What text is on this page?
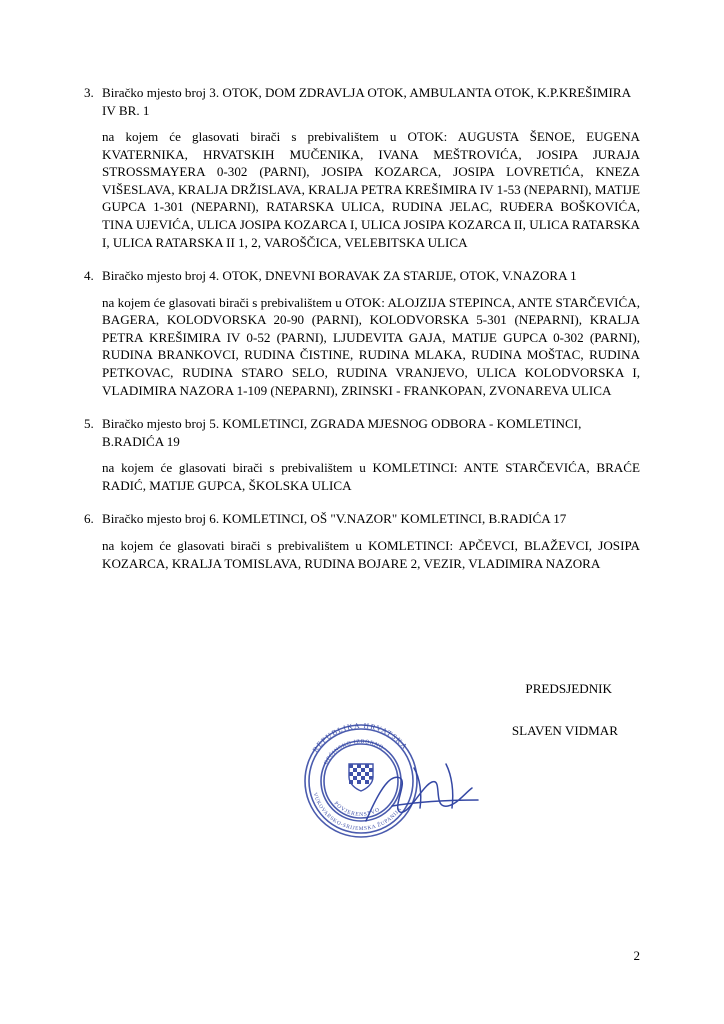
3. Biračko mjesto broj 3. OTOK, DOM ZDRAVLJA OTOK, AMBULANTA OTOK, K.P.KREŠIMIRA IV BR. 1
na kojem će glasovati birači s prebivalištem u OTOK: AUGUSTA ŠENOE, EUGENA KVATERNIKA, HRVATSKIH MUČENIKA, IVANA MEŠTROVIĆA, JOSIPA JURAJA STROSSMAYERA 0-302 (PARNI), JOSIPA KOZARCA, JOSIPA LOVRETIĆA, KNEZA VIŠESLAVA, KRALJA DRŽISLAVA, KRALJA PETRA KREŠIMIRA IV 1-53 (NEPARNI), MATIJE GUPCA 1-301 (NEPARNI), RATARSKA ULICA, RUDINA JELAC, RUĐERA BOŠKOVIĆA, TINA UJEVIĆA, ULICA JOSIPA KOZARCA I, ULICA JOSIPA KOZARCA II, ULICA RATARSKA I, ULICA RATARSKA II 1, 2, VAROŠČICA, VELEBITSKA ULICA
4. Biračko mjesto broj 4. OTOK, DNEVNI BORAVAK ZA STARIJE, OTOK, V.NAZORA 1
na kojem će glasovati birači s prebivalištem u OTOK: ALOJZIJA STEPINCA, ANTE STARČEVIĆA, BAGERA, KOLODVORSKA 20-90 (PARNI), KOLODVORSKA 5-301 (NEPARNI), KRALJA PETRA KREŠIMIRA IV 0-52 (PARNI), LJUDEVITA GAJA, MATIJE GUPCA 0-302 (PARNI), RUDINA BRANKOVCI, RUDINA ČISTINE, RUDINA MLAKA, RUDINA MOŠTAC, RUDINA PETKOVAC, RUDINA STARO SELO, RUDINA VRANJEVO, ULICA KOLODVORSKA I, VLADIMIRA NAZORA 1-109 (NEPARNI), ZRINSKI - FRANKOPAN, ZVONAREVA ULICA
5. Biračko mjesto broj 5. KOMLETINCI, ZGRADA MJESNOG ODBORA - KOMLETINCI, B.RADIĆA 19
na kojem će glasovati birači s prebivalištem u KOMLETINCI: ANTE STARČEVIĆA, BRAĆE RADIĆ, MATIJE GUPCA, ŠKOLSKA ULICA
6. Biračko mjesto broj 6. KOMLETINCI, OŠ "V.NAZOR" KOMLETINCI, B.RADIĆA 17
na kojem će glasovati birači s prebivalištem u KOMLETINCI: APČEVCI, BLAŽEVCI, JOSIPA KOZARCA, KRALJA TOMISLAVA, RUDINA BOJARE 2, VEZIR, VLADIMIRA NAZORA
PREDSJEDNIK
SLAVEN VIDMAR
REPUBLIKA HRVATSKA
VUKOVARSKO-SRIJEMSKA ŽUPANIJA
OPĆINSKO IZBORNO
POVJERENSTVO
2
